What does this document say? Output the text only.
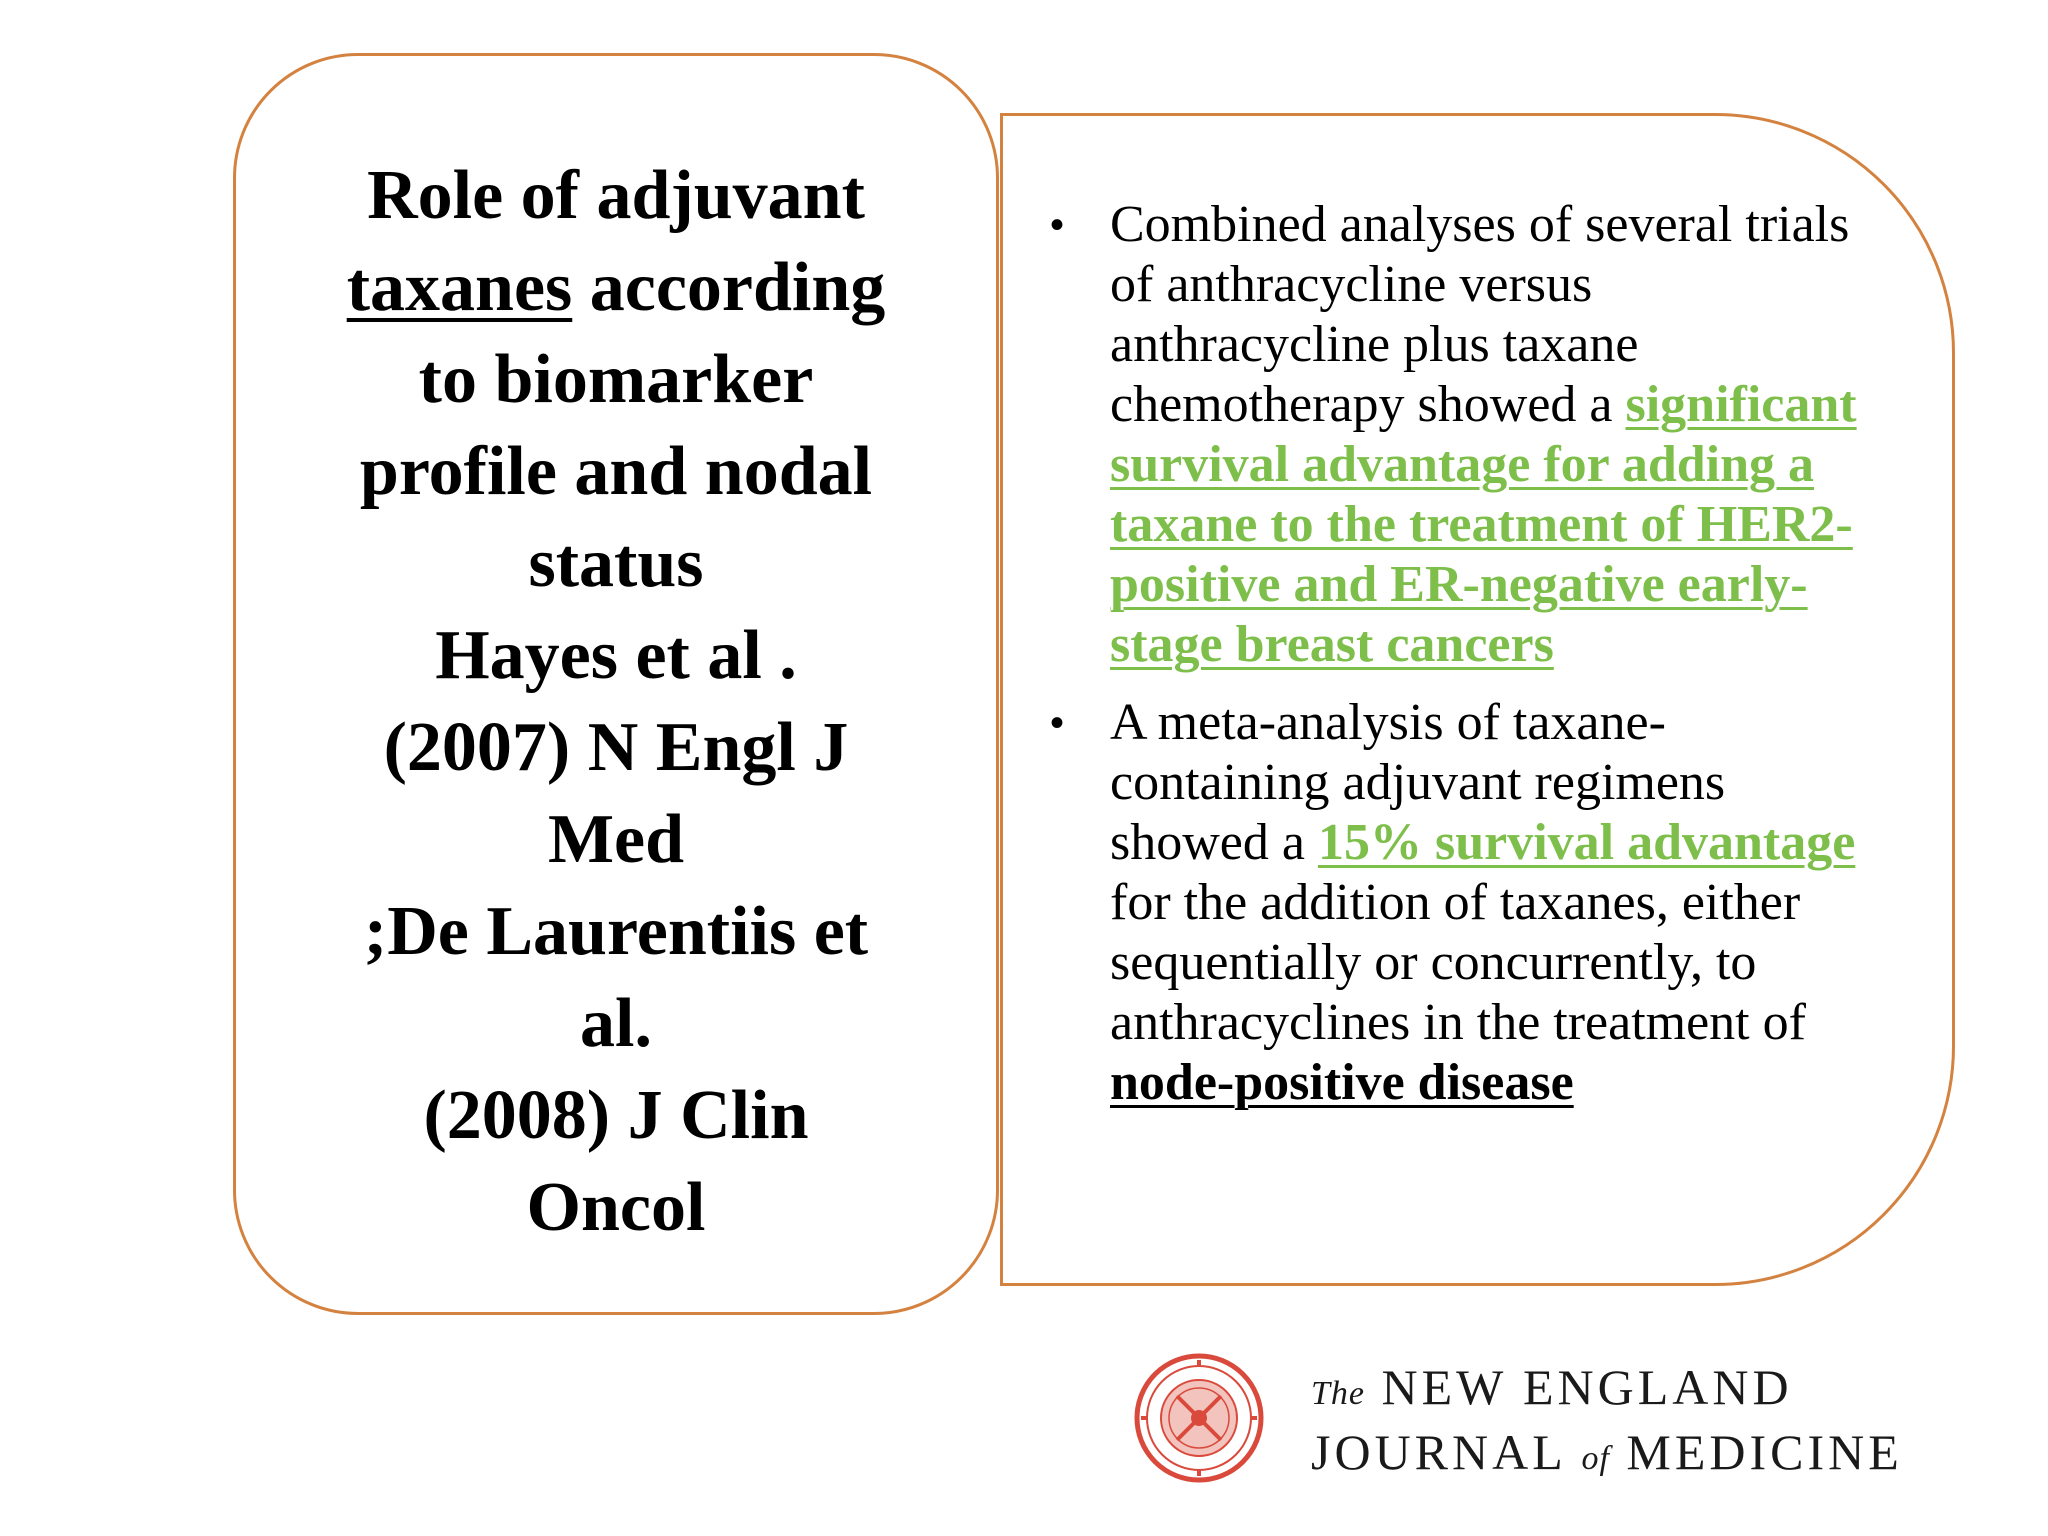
Role of adjuvant
taxanes according
to biomarker
profile and nodal
status
Hayes et al .
(2007) N Engl J
Med
;De Laurentiis et
al.
(2008) J Clin
Oncol
• Combined analyses of several trials of anthracycline versus anthracycline plus taxane chemotherapy showed a significant survival advantage for adding a taxane to the treatment of HER2-positive and ER-negative early-stage breast cancers
• A meta-analysis of taxane-containing adjuvant regimens showed a 15% survival advantage for the addition of taxanes, either sequentially or concurrently, to anthracyclines in the treatment of node-positive disease
The NEW ENGLAND
JOURNAL of MEDICINE
